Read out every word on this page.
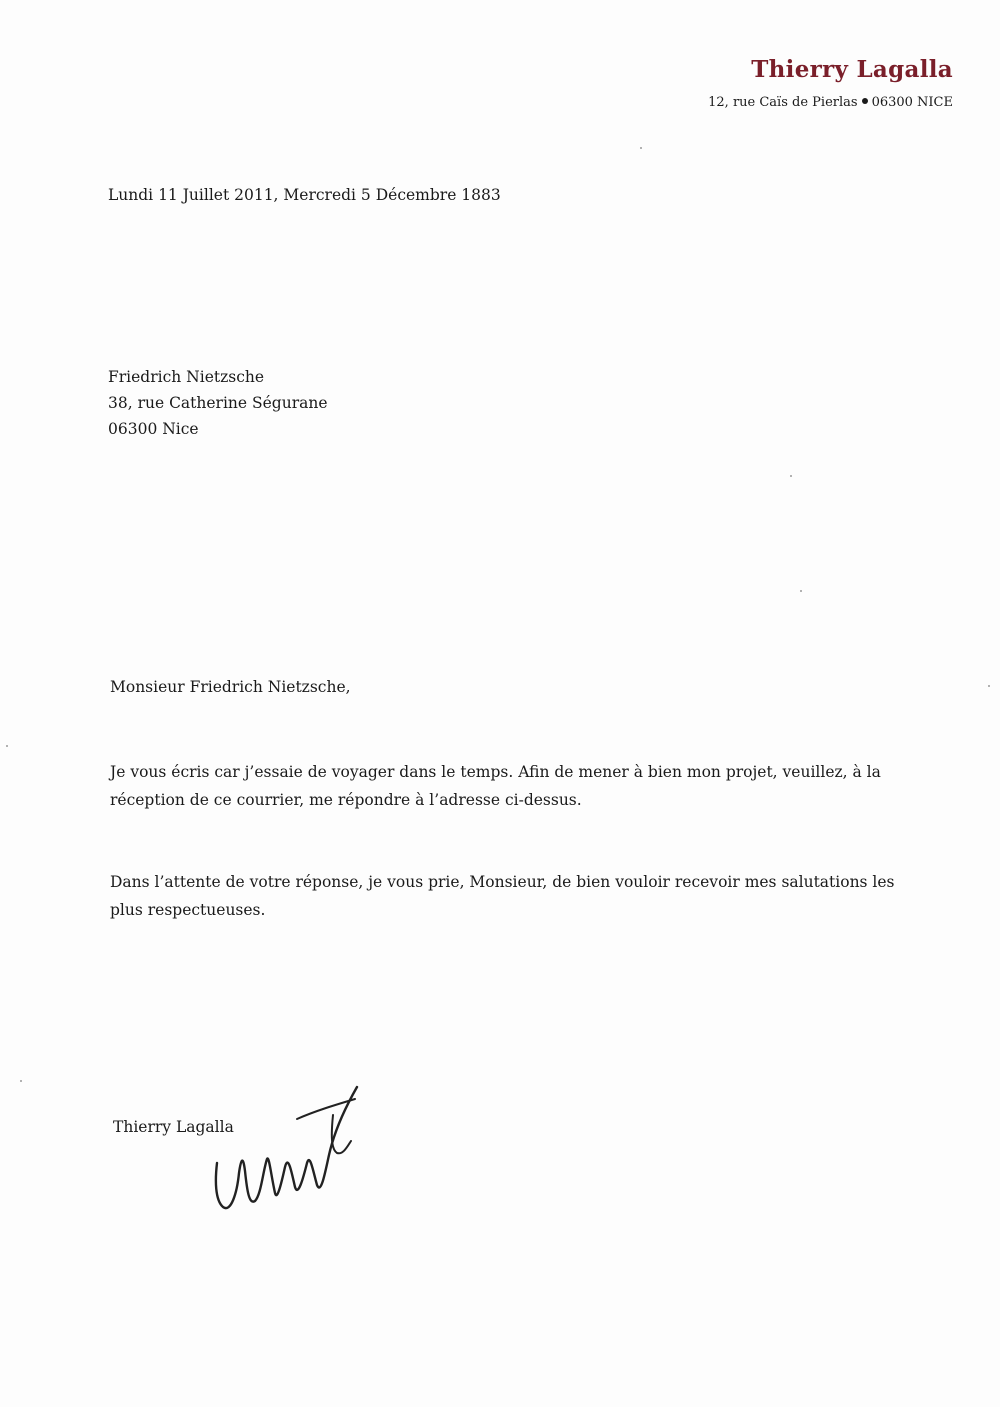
Thierry Lagalla
12, rue Caïs de Pierlas 06300 NICE
Lundi 11 Juillet 2011, Mercredi 5 Décembre 1883
Friedrich Nietzsche
38, rue Catherine Ségurane
06300 Nice
Monsieur Friedrich Nietzsche,
Je vous écris car j’essaie de voyager dans le temps. Afin de mener à bien mon projet, veuillez, à la réception de ce courrier, me répondre à l’adresse ci-dessus.
Dans l’attente de votre réponse, je vous prie, Monsieur, de bien vouloir recevoir mes salutations les plus respectueuses.
Thierry Lagalla
